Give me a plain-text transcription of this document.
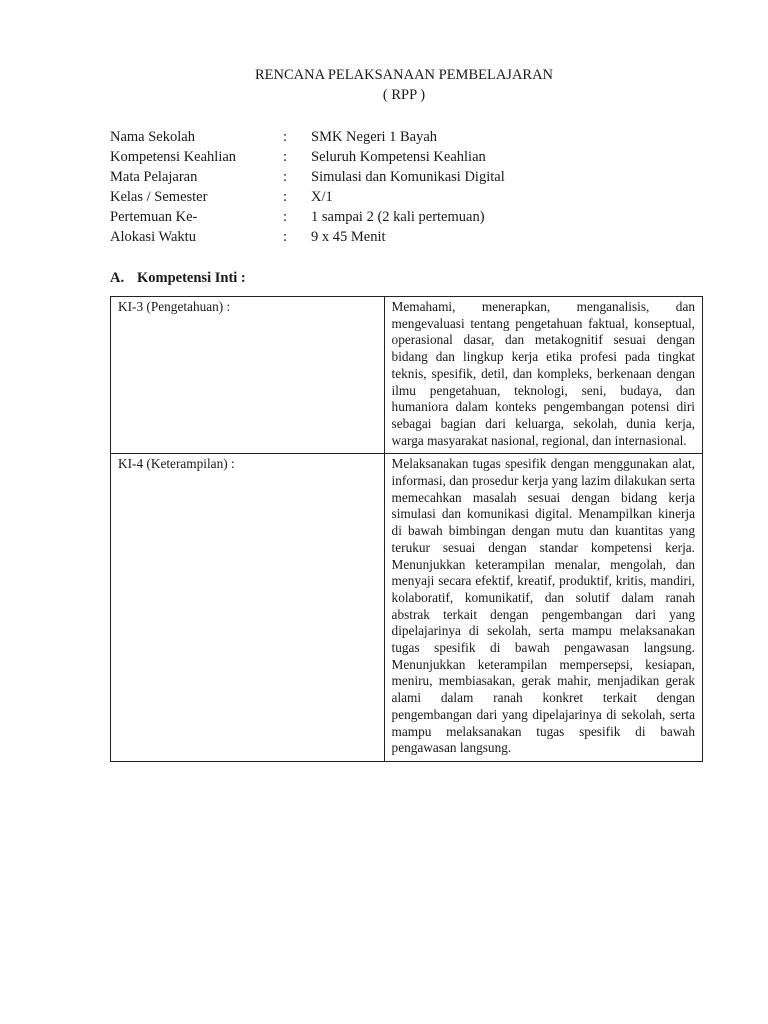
RENCANA PELAKSANAAN PEMBELAJARAN
( RPP )
Nama Sekolah	: SMK Negeri 1 Bayah
Kompetensi Keahlian	: Seluruh Kompetensi Keahlian
Mata Pelajaran	: Simulasi dan Komunikasi Digital
Kelas / Semester	: X/1
Pertemuan Ke-	: 1 sampai 2 (2 kali pertemuan)
Alokasi Waktu	: 9 x 45 Menit
A. Kompetensi Inti :
KI-3 (Pengetahuan) :	Memahami, menerapkan, menganalisis, dan mengevaluasi tentang pengetahuan faktual, konseptual, operasional dasar, dan metakognitif sesuai dengan bidang dan lingkup kerja etika profesi pada tingkat teknis, spesifik, detil, dan kompleks, berkenaan dengan ilmu pengetahuan, teknologi, seni, budaya, dan humaniora dalam konteks pengembangan potensi diri sebagai bagian dari keluarga, sekolah, dunia kerja, warga masyarakat nasional, regional, dan internasional.
KI-4 (Keterampilan) :	Melaksanakan tugas spesifik dengan menggunakan alat, informasi, dan prosedur kerja yang lazim dilakukan serta memecahkan masalah sesuai dengan bidang kerja simulasi dan komunikasi digital. Menampilkan kinerja di bawah bimbingan dengan mutu dan kuantitas yang terukur sesuai dengan standar kompetensi kerja. Menunjukkan keterampilan menalar, mengolah, dan menyaji secara efektif, kreatif, produktif, kritis, mandiri, kolaboratif, komunikatif, dan solutif dalam ranah abstrak terkait dengan pengembangan dari yang dipelajarinya di sekolah, serta mampu melaksanakan tugas spesifik di bawah pengawasan langsung. Menunjukkan keterampilan mempersepsi, kesiapan, meniru, membiasakan, gerak mahir, menjadikan gerak alami dalam ranah konkret terkait dengan pengembangan dari yang dipelajarinya di sekolah, serta mampu melaksanakan tugas spesifik di bawah pengawasan langsung.
